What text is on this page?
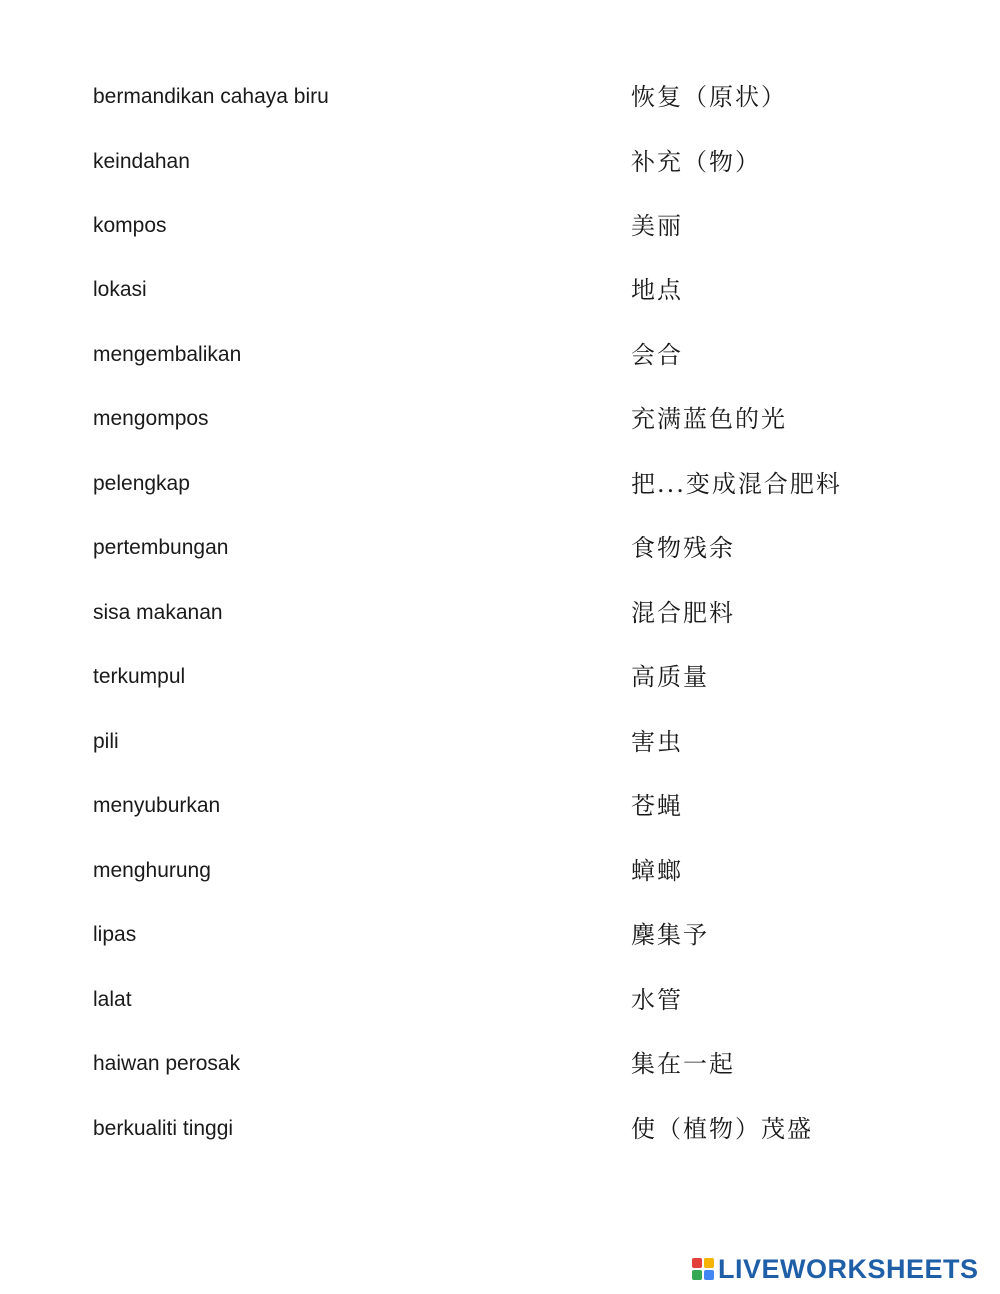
bermandikan cahaya biru	恢复（原状）
keindahan	补充（物）
kompos	美丽
lokasi	地点
mengembalikan	会合
mengompos	充满蓝色的光
pelengkap	把...变成混合肥料
pertembungan	食物残余
sisa makanan	混合肥料
terkumpul	高质量
pili	害虫
menyuburkan	苍蝇
menghurung	蟑螂
lipas	麇集予
lalat	水管
haiwan perosak	集在一起
berkualiti tinggi	使（植物）茂盛
LIVEWORKSHEETS
